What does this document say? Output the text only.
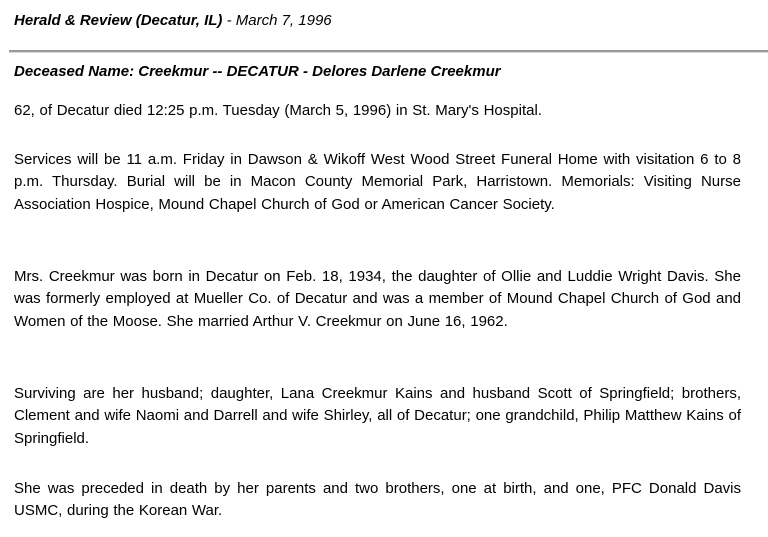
Herald & Review (Decatur, IL) - March 7, 1996
Deceased Name: Creekmur -- DECATUR - Delores Darlene Creekmur

62, of Decatur died 12:25 p.m. Tuesday (March 5, 1996) in St. Mary's Hospital.

Services will be 11 a.m. Friday in Dawson & Wikoff West Wood Street Funeral Home with visitation 6 to 8 p.m. Thursday. Burial will be in Macon County Memorial Park, Harristown. Memorials: Visiting Nurse Association Hospice, Mound Chapel Church of God or American Cancer Society.

Mrs. Creekmur was born in Decatur on Feb. 18, 1934, the daughter of Ollie and Luddie Wright Davis. She was formerly employed at Mueller Co. of Decatur and was a member of Mound Chapel Church of God and Women of the Moose. She married Arthur V. Creekmur on June 16, 1962.

Surviving are her husband; daughter, Lana Creekmur Kains and husband Scott of Springfield; brothers, Clement and wife Naomi and Darrell and wife Shirley, all of Decatur; one grandchild, Philip Matthew Kains of Springfield.

She was preceded in death by her parents and two brothers, one at birth, and one, PFC Donald Davis USMC, during the Korean War.
